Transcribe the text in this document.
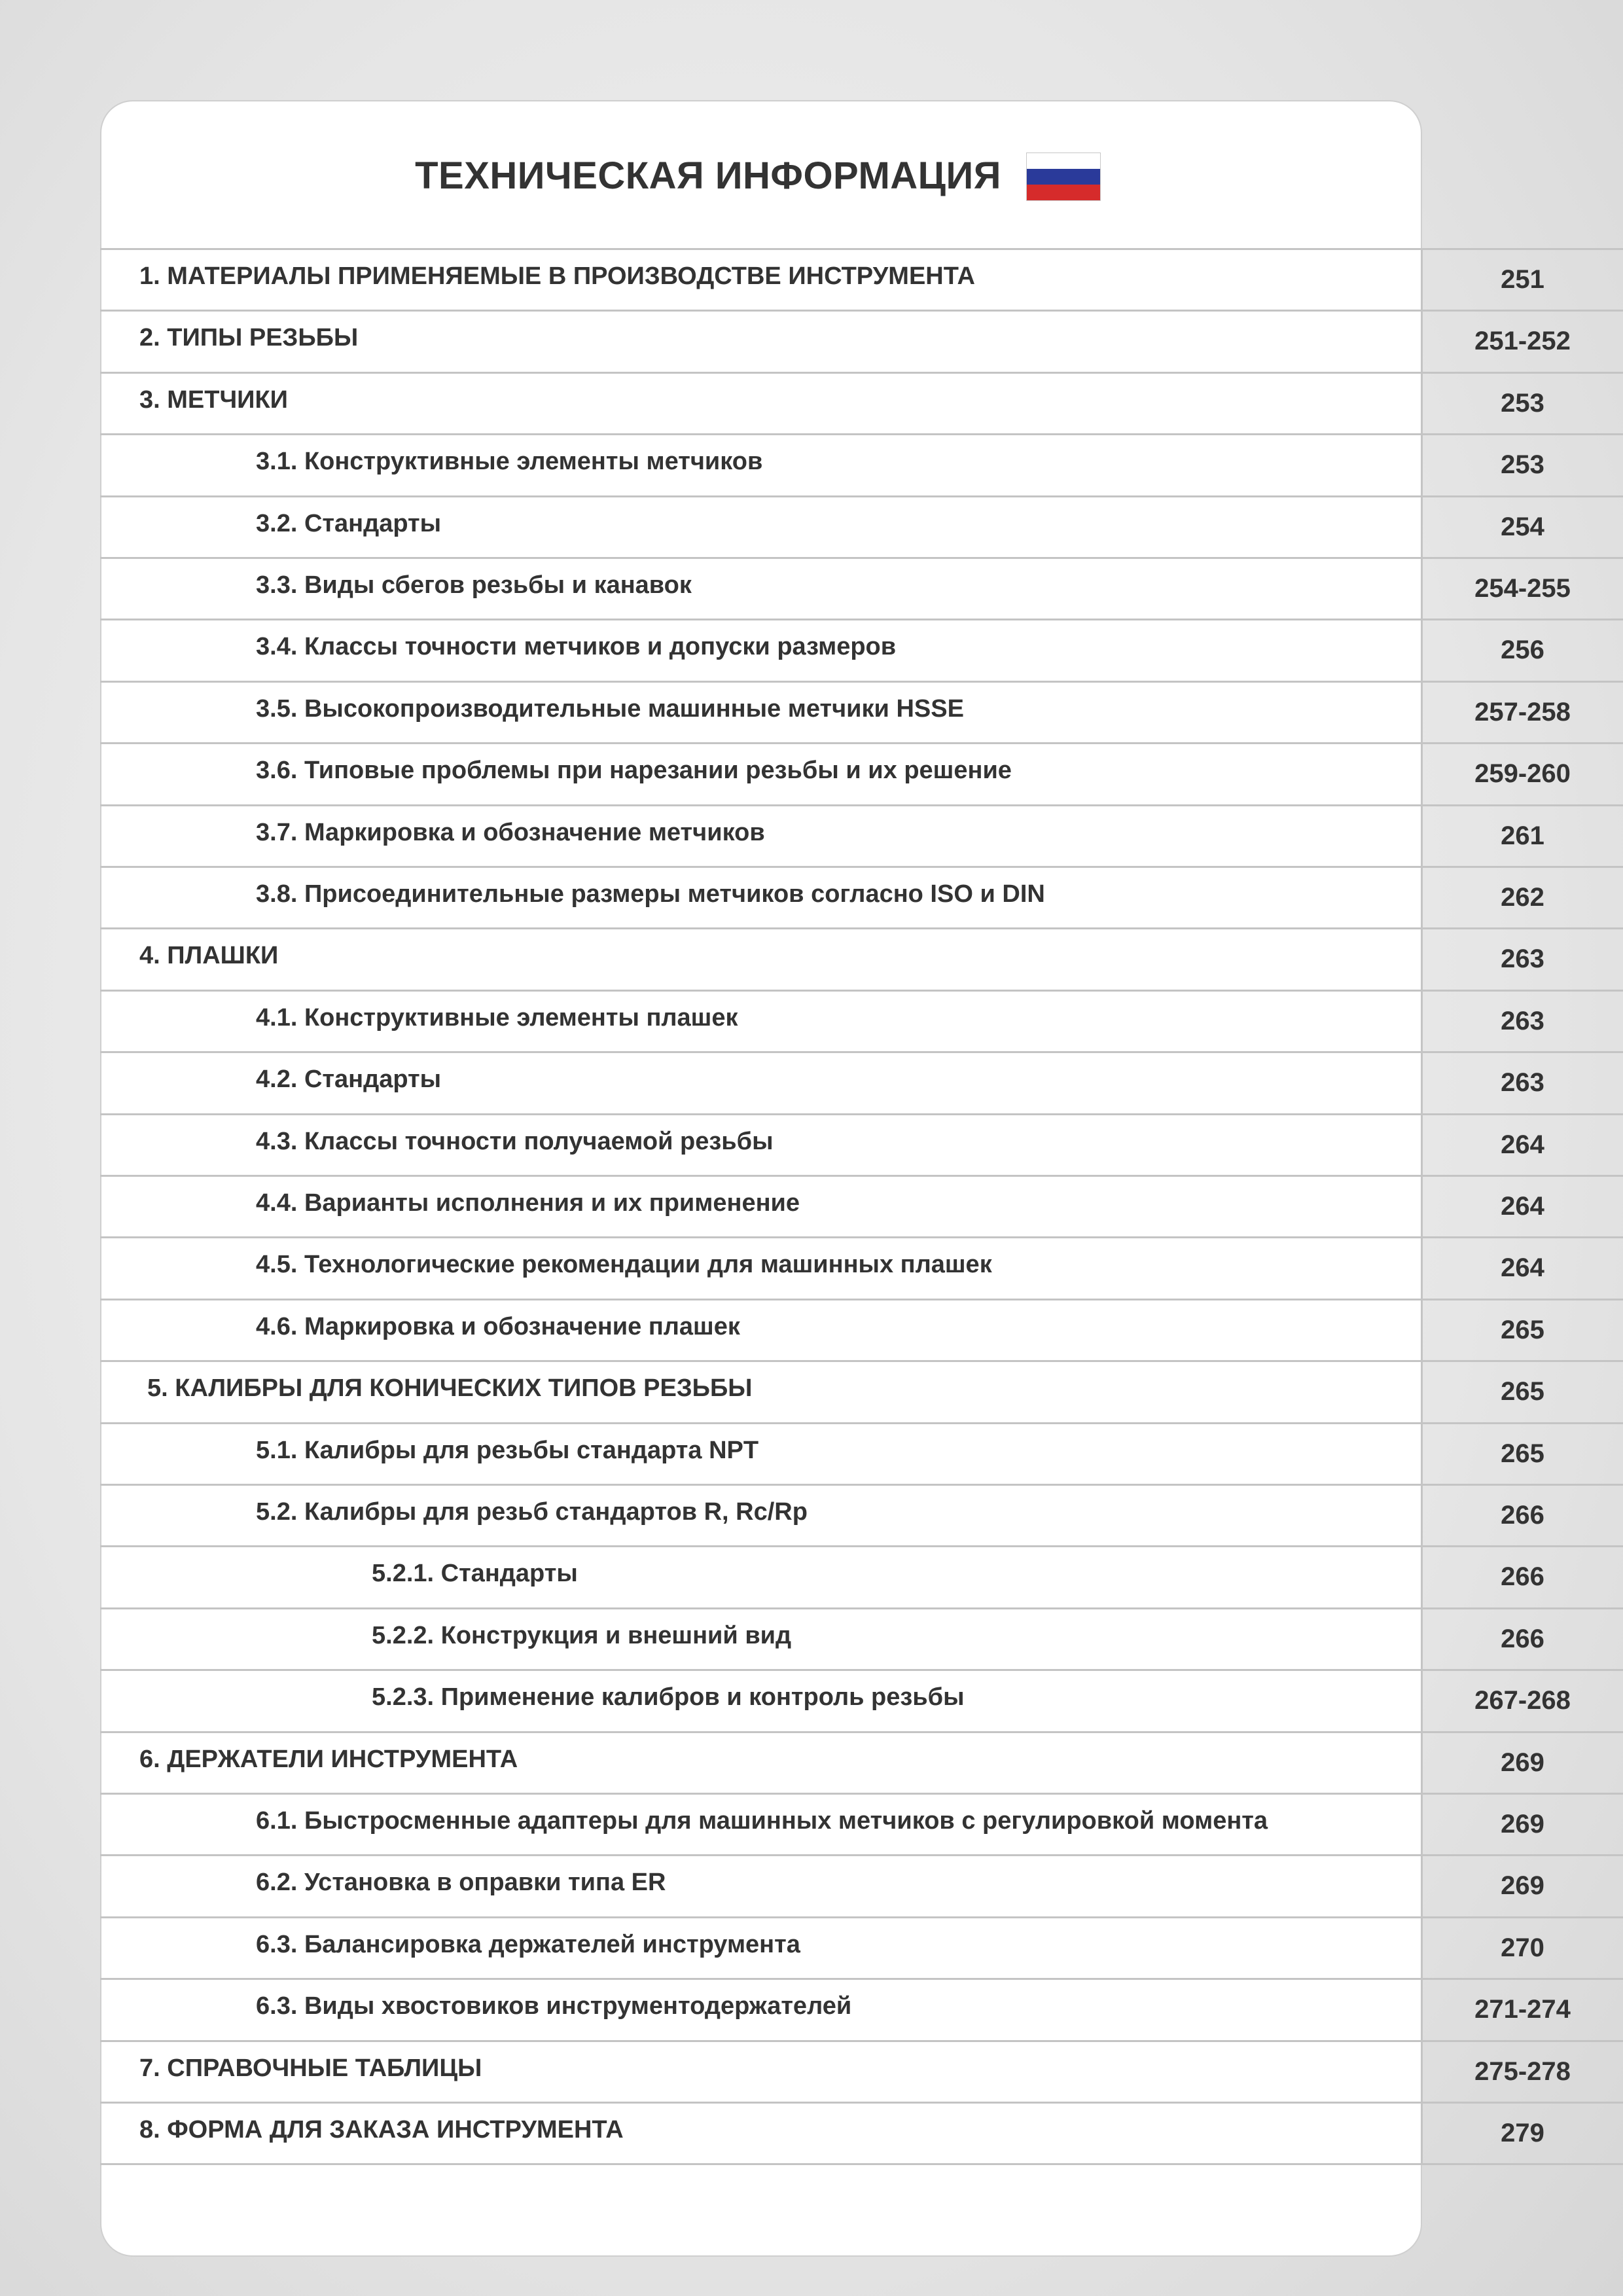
ТЕХНИЧЕСКАЯ ИНФОРМАЦИЯ
1. МАТЕРИАЛЫ ПРИМЕНЯЕМЫЕ В ПРОИЗВОДСТВЕ ИНСТРУМЕНТА	251
2. ТИПЫ РЕЗЬБЫ	251-252
3. МЕТЧИКИ	253
3.1. Конструктивные элементы метчиков	253
3.2. Стандарты	254
3.3. Виды сбегов резьбы и канавок	254-255
3.4. Классы точности метчиков и допуски размеров	256
3.5. Высокопроизводительные машинные метчики HSSE	257-258
3.6. Типовые проблемы при нарезании резьбы и их решение	259-260
3.7. Маркировка и обозначение метчиков	261
3.8. Присоединительные размеры метчиков согласно ISO и DIN	262
4. ПЛАШКИ	263
4.1. Конструктивные элементы плашек	263
4.2. Стандарты	263
4.3. Классы точности получаемой резьбы	264
4.4. Варианты исполнения и их применение	264
4.5. Технологические рекомендации для машинных плашек	264
4.6. Маркировка и обозначение плашек	265
5. КАЛИБРЫ ДЛЯ КОНИЧЕСКИХ ТИПОВ РЕЗЬБЫ	265
5.1. Калибры для резьбы стандарта NPT	265
5.2. Калибры для резьб стандартов R, Rc/Rp	266
5.2.1. Стандарты	266
5.2.2. Конструкция и внешний вид	266
5.2.3. Применение калибров и контроль резьбы	267-268
6. ДЕРЖАТЕЛИ ИНСТРУМЕНТА	269
6.1. Быстросменные адаптеры для машинных метчиков с регулировкой момента	269
6.2. Установка в оправки типа ER	269
6.3. Балансировка держателей инструмента	270
6.3. Виды хвостовиков инструментодержателей	271-274
7. СПРАВОЧНЫЕ ТАБЛИЦЫ	275-278
8. ФОРМА ДЛЯ ЗАКАЗА ИНСТРУМЕНТА	279
